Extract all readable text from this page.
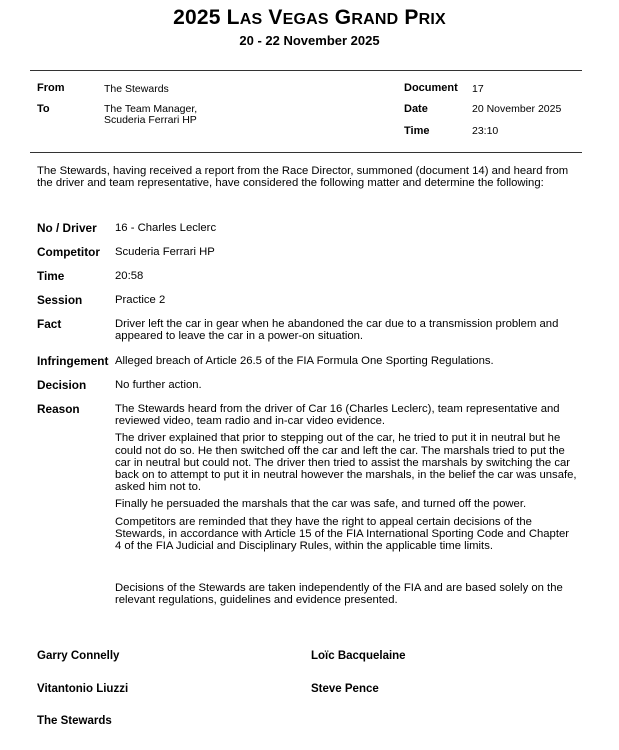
2025 LAS VEGAS GRAND PRIX
20 - 22 November 2025
From	The Stewards
To	The Team Manager,
Scuderia Ferrari HP
Document 17
Date	20 November 2025
Time	23:10
The Stewards, having received a report from the Race Director, summoned (document 14) and heard from the driver and team representative, have considered the following matter and determine the following:
No / Driver 16 - Charles Leclerc
Competitor Scuderia Ferrari HP
Time	20:58
Session	Practice 2
Fact	Driver left the car in gear when he abandoned the car due to a transmission problem and appeared to leave the car in a power-on situation.
Infringement Alleged breach of Article 26.5 of the FIA Formula One Sporting Regulations.
Decision	No further action.
Reason	The Stewards heard from the driver of Car 16 (Charles Leclerc), team representative and reviewed video, team radio and in-car video evidence.

The driver explained that prior to stepping out of the car, he tried to put it in neutral but he could not do so. He then switched off the car and left the car. The marshals tried to put the car in neutral but could not. The driver then tried to assist the marshals by switching the car back on to attempt to put it in neutral however the marshals, in the belief the car was unsafe, asked him not to.

Finally he persuaded the marshals that the car was safe, and turned off the power.

Competitors are reminded that they have the right to appeal certain decisions of the Stewards, in accordance with Article 15 of the FIA International Sporting Code and Chapter 4 of the FIA Judicial and Disciplinary Rules, within the applicable time limits.

Decisions of the Stewards are taken independently of the FIA and are based solely on the relevant regulations, guidelines and evidence presented.
Garry Connelly	Loïc Bacquelaine
Vitantonio Liuzzi	Steve Pence
The Stewards
